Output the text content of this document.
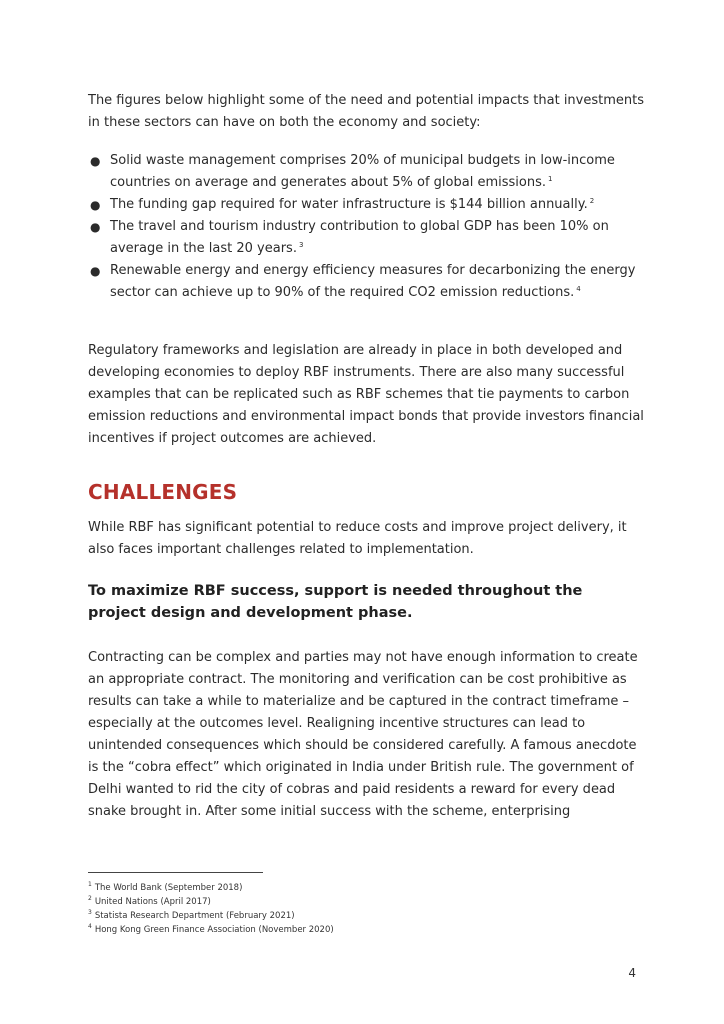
The figures below highlight some of the need and potential impacts that investments in these sectors can have on both the economy and society:

● Solid waste management comprises 20% of municipal budgets in low-income countries on average and generates about 5% of global emissions. $^1$
● The funding gap required for water infrastructure is $144 billion annually. $^2$
● The travel and tourism industry contribution to global GDP has been 10% on average in the last 20 years. $^3$
● Renewable energy and energy efficiency measures for decarbonizing the energy sector can achieve up to 90% of the required CO2 emission reductions. $^4$

Regulatory frameworks and legislation are already in place in both developed and developing economies to deploy RBF instruments. There are also many successful examples that can be replicated such as RBF schemes that tie payments to carbon emission reductions and environmental impact bonds that provide investors financial incentives if project outcomes are achieved.

CHALLENGES

While RBF has significant potential to reduce costs and improve project delivery, it also faces important challenges related to implementation.

To maximize RBF success, support is needed throughout the project design and development phase.

Contracting can be complex and parties may not have enough information to create an appropriate contract. The monitoring and verification can be cost prohibitive as results can take a while to materialize and be captured in the contract timeframe – especially at the outcomes level. Realigning incentive structures can lead to unintended consequences which should be considered carefully. A famous anecdote is the “cobra effect” which originated in India under British rule. The government of Delhi wanted to rid the city of cobras and paid residents a reward for every dead snake brought in. After some initial success with the scheme, enterprising

$^1$ The World Bank (September 2018)
$^2$ United Nations (April 2017)
$^3$ Statista Research Department (February 2021)
$^4$ Hong Kong Green Finance Association (November 2020)
4
